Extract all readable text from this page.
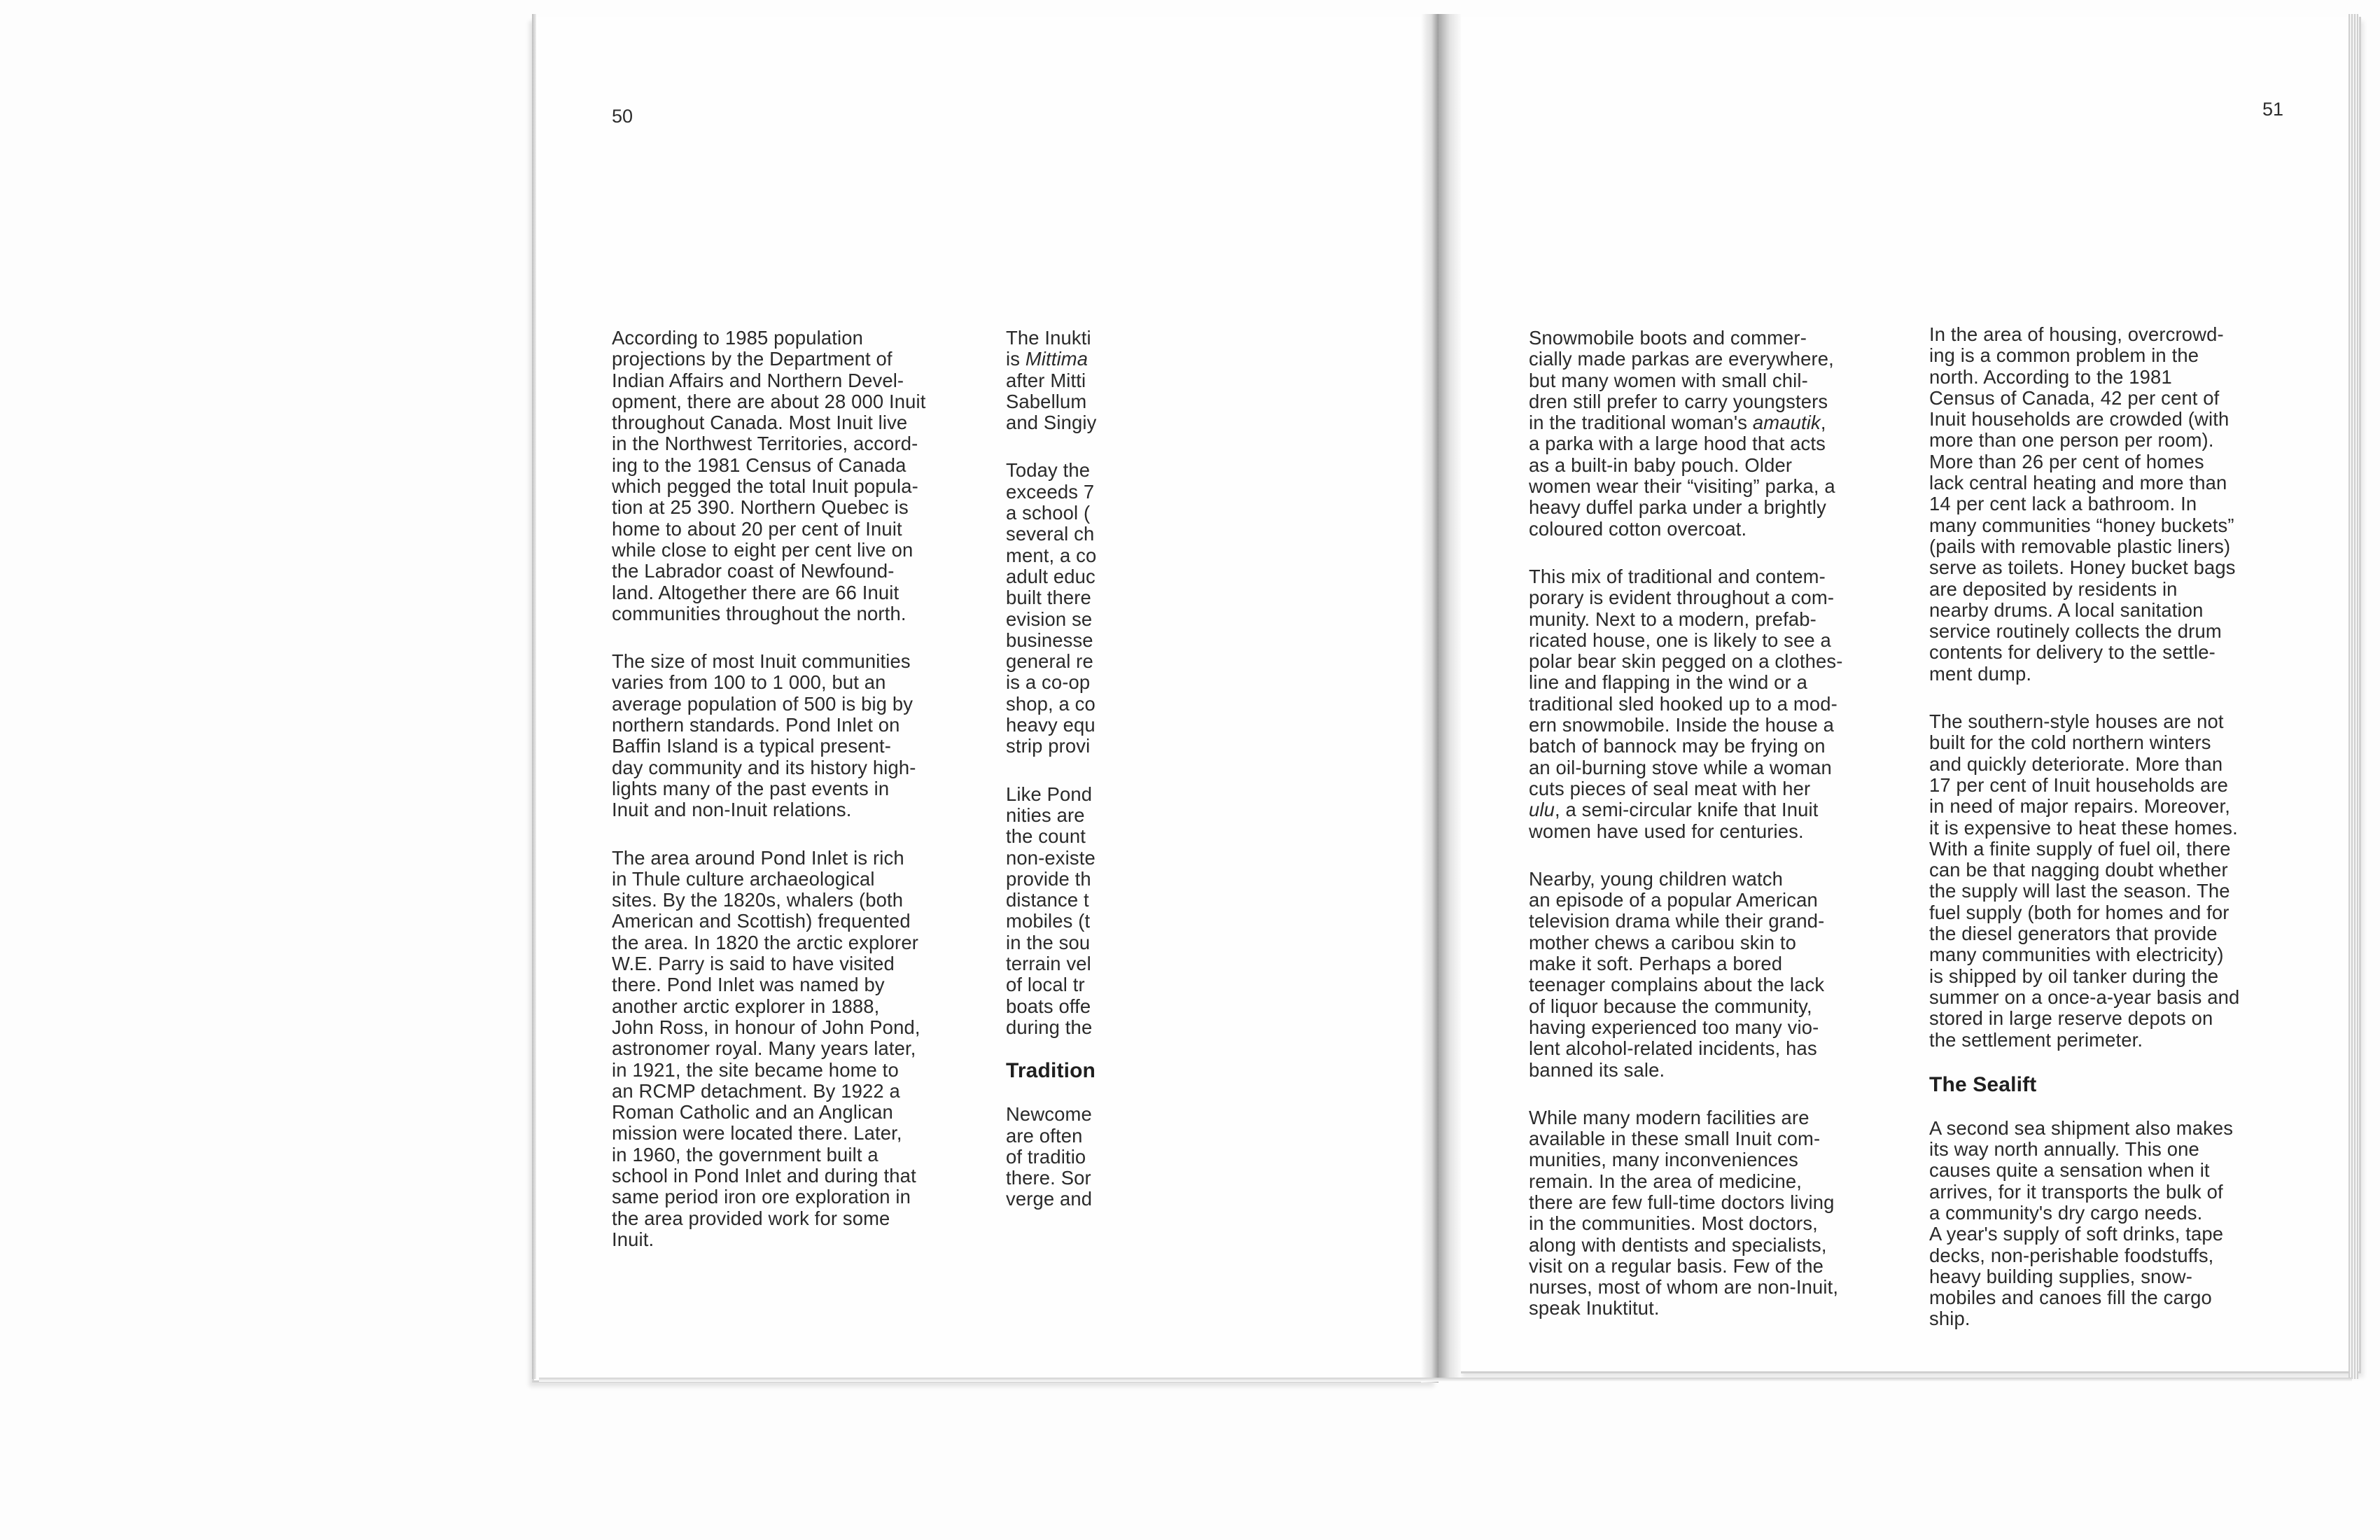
50	51

According to 1985 population
projections by the Department of
Indian Affairs and Northern Devel-
opment, there are about 28 000 Inuit
throughout Canada. Most Inuit live
in the Northwest Territories, accord-
ing to the 1981 Census of Canada
which pegged the total Inuit popula-
tion at 25 390. Northern Quebec is
home to about 20 per cent of Inuit
while close to eight per cent live on
the Labrador coast of Newfound-
land. Altogether there are 66 Inuit
communities throughout the north.

The size of most Inuit communities
varies from 100 to 1 000, but an
average population of 500 is big by
northern standards. Pond Inlet on
Baffin Island is a typical present-
day community and its history high-
lights many of the past events in
Inuit and non-Inuit relations.

The area around Pond Inlet is rich
in Thule culture archaeological
sites. By the 1820s, whalers (both
American and Scottish) frequented
the area. In 1820 the arctic explorer
W.E. Parry is said to have visited
there. Pond Inlet was named by
another arctic explorer in 1888,
John Ross, in honour of John Pond,
astronomer royal. Many years later,
in 1921, the site became home to
an RCMP detachment. By 1922 a
Roman Catholic and an Anglican
mission were located there. Later,
in 1960, the government built a
school in Pond Inlet and during that
same period iron ore exploration in
the area provided work for some
Inuit.

The Inukti
is Mittima
after Mitti
Sabellum
and Singiy

Today the
exceeds 7
a school (
several ch
ment, a co
adult educ
built there
evision se
businesse
general re
is a co-op
shop, a co
heavy equ
strip provi

Like Pond
nities are
the count
non-existe
provide th
distance t
mobiles (t
in the sou
terrain vel
of local tr
boats offe
during the

Tradition

Newcome
are often
of traditio
there. Sor
verge and

Snowmobile boots and commer-
cially made parkas are everywhere,
but many women with small chil-
dren still prefer to carry youngsters
in the traditional woman's amautik,
a parka with a large hood that acts
as a built-in baby pouch. Older
women wear their “visiting” parka, a
heavy duffel parka under a brightly
coloured cotton overcoat.

This mix of traditional and contem-
porary is evident throughout a com-
munity. Next to a modern, prefab-
ricated house, one is likely to see a
polar bear skin pegged on a clothes-
line and flapping in the wind or a
traditional sled hooked up to a mod-
ern snowmobile. Inside the house a
batch of bannock may be frying on
an oil-burning stove while a woman
cuts pieces of seal meat with her
ulu, a semi-circular knife that Inuit
women have used for centuries.

Nearby, young children watch
an episode of a popular American
television drama while their grand-
mother chews a caribou skin to
make it soft. Perhaps a bored
teenager complains about the lack
of liquor because the community,
having experienced too many vio-
lent alcohol-related incidents, has
banned its sale.

While many modern facilities are
available in these small Inuit com-
munities, many inconveniences
remain. In the area of medicine,
there are few full-time doctors living
in the communities. Most doctors,
along with dentists and specialists,
visit on a regular basis. Few of the
nurses, most of whom are non-Inuit,
speak Inuktitut.

In the area of housing, overcrowd-
ing is a common problem in the
north. According to the 1981
Census of Canada, 42 per cent of
Inuit households are crowded (with
more than one person per room).
More than 26 per cent of homes
lack central heating and more than
14 per cent lack a bathroom. In
many communities “honey buckets”
(pails with removable plastic liners)
serve as toilets. Honey bucket bags
are deposited by residents in
nearby drums. A local sanitation
service routinely collects the drum
contents for delivery to the settle-
ment dump.

The southern-style houses are not
built for the cold northern winters
and quickly deteriorate. More than
17 per cent of Inuit households are
in need of major repairs. Moreover,
it is expensive to heat these homes.
With a finite supply of fuel oil, there
can be that nagging doubt whether
the supply will last the season. The
fuel supply (both for homes and for
the diesel generators that provide
many communities with electricity)
is shipped by oil tanker during the
summer on a once-a-year basis and
stored in large reserve depots on
the settlement perimeter.

The Sealift

A second sea shipment also makes
its way north annually. This one
causes quite a sensation when it
arrives, for it transports the bulk of
a community's dry cargo needs.
A year's supply of soft drinks, tape
decks, non-perishable foodstuffs,
heavy building supplies, snow-
mobiles and canoes fill the cargo
ship.
